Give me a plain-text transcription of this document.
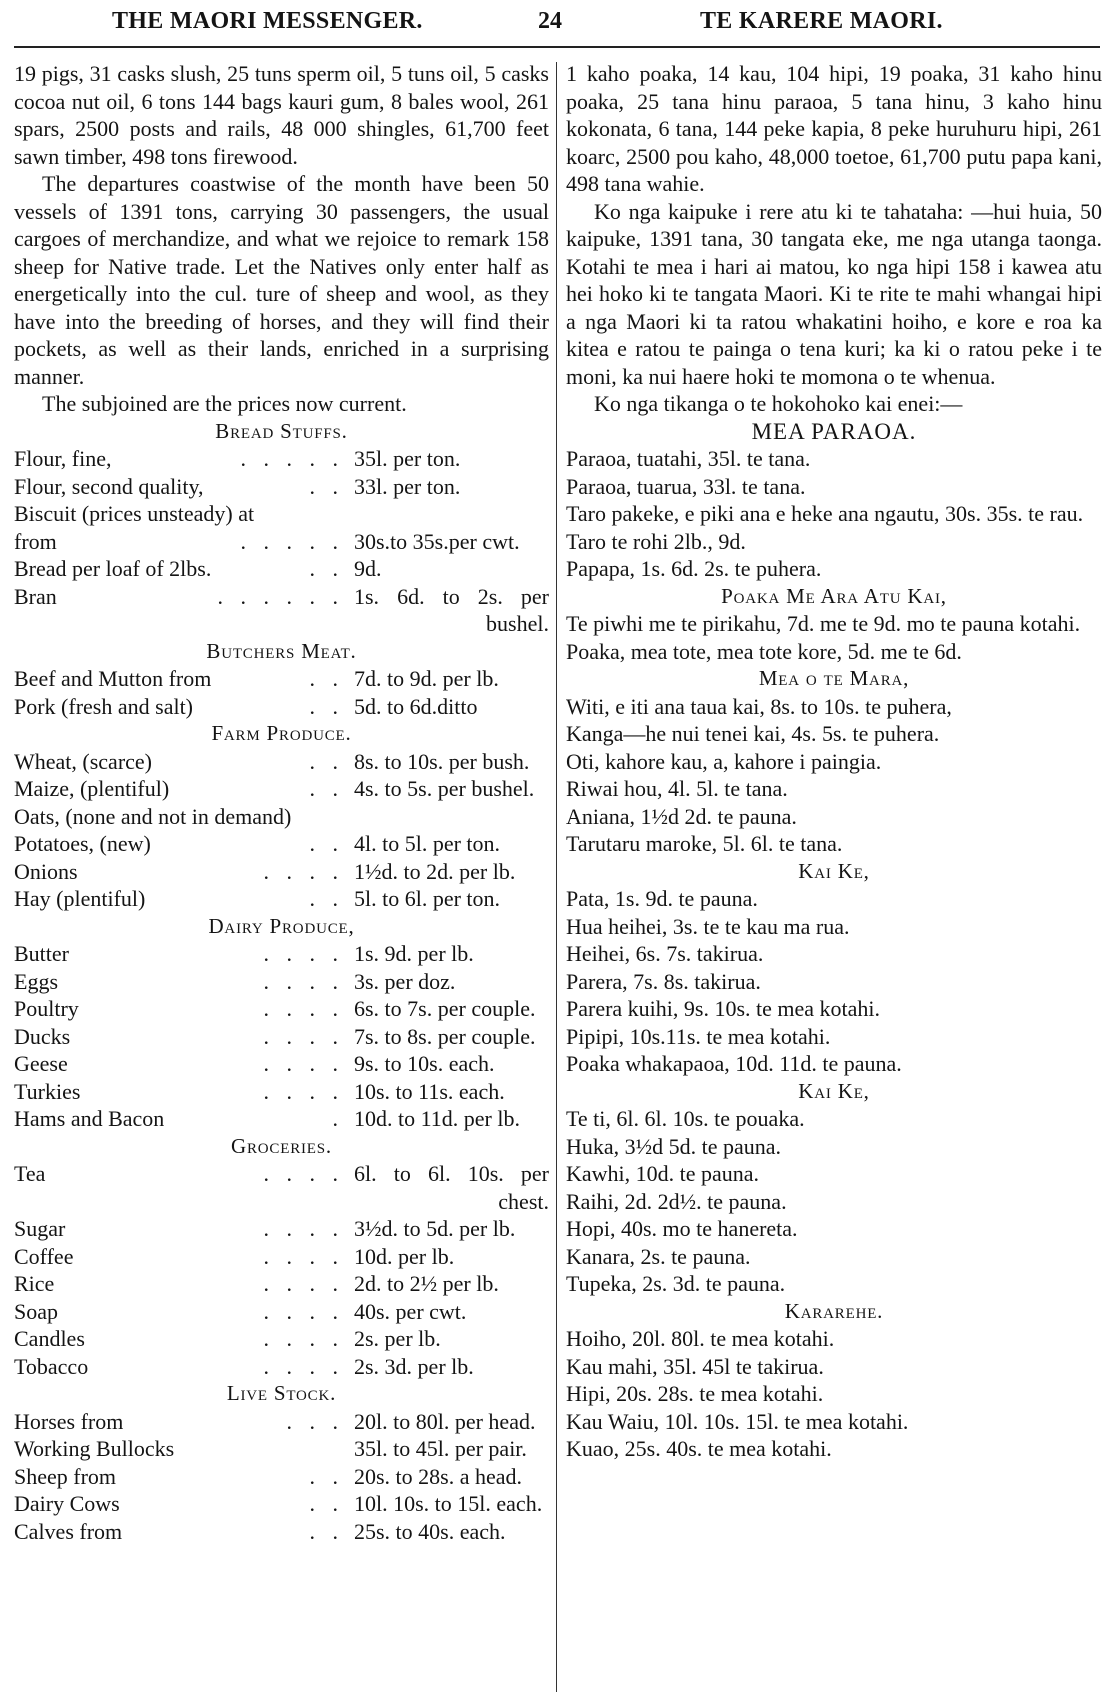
THE MAORI MESSENGER.	24	TE KARERE MAORI.

19 pigs, 31 casks slush, 25 tuns sperm oil, 5 tuns oil, 5 casks cocoa nut oil, 6 tons 144 bags kauri gum, 8 bales wool, 261 spars, 2500 posts and rails, 48 000 shingles, 61,700 feet sawn timber, 498 tons firewood.

The departures coastwise of the month have been 50 vessels of 1391 tons, carrying 30 passengers, the usual cargoes of merchandize, and what we rejoice to remark 158 sheep for Native trade. Let the Natives only enter half as energetically into the cul. ture of sheep and wool, as they have into the breeding of horses, and they will find their pockets, as well as their lands, enriched in a surprising manner.

The subjoined are the prices now current.

Bread Stuffs.

Flour, fine,	. . . . . 35l. per ton.
Flour, second quality,	. . 33l. per ton.
Biscuit (prices unsteady) at
from	. . . . . 30s.to 35s.per cwt.
Bread per loaf of 2lbs.	. . 9d.
Bran	. . . . . . 1s. 6d. to 2s. per bushel.

Butchers Meat.

Beef and Mutton from	. . 7d. to 9d. per lb.
Pork (fresh and salt)	. . 5d. to 6d.ditto

Farm Produce.

Wheat, (scarce)	. . 8s. to 10s. per bush.
Maize, (plentiful)	. . 4s. to 5s. per bushel.
Oats, (none and not in demand)
Potatoes, (new)	. . 4l. to 5l. per ton.
Onions	. . . . 1½d. to 2d. per lb.
Hay (plentiful)	. . 5l. to 6l. per ton.

Dairy Produce,

Butter	. . . . 1s. 9d. per lb.
Eggs	. . . . 3s. per doz.
Poultry	. . . . 6s. to 7s. per couple.
Ducks	. . . . 7s. to 8s. per couple.
Geese	. . . . 9s. to 10s. each.
Turkies	. . . . 10s. to 11s. each.
Hams and Bacon	. 10d. to 11d. per lb.

Groceries.

Tea	. . . . 6l. to 6l. 10s. per chest.
Sugar	. . . . 3½d. to 5d. per lb.
Coffee	. . . . 10d. per lb.
Rice	. . . . 2d. to 2½ per lb.
Soap	. . . . 40s. per cwt.
Candles	. . . . 2s. per lb.
Tobacco	. . . . 2s. 3d. per lb.

Live Stock.

Horses from	. . . 20l. to 80l. per head.
Working Bullocks	35l. to 45l. per pair.
Sheep from	. . 20s. to 28s. a head.
Dairy Cows	. . 10l. 10s. to 15l. each.
Calves from	. . 25s. to 40s. each.

1 kaho poaka, 14 kau, 104 hipi, 19 poaka, 31 kaho hinu poaka, 25 tana hinu paraoa, 5 tana hinu, 3 kaho hinu kokonata, 6 tana, 144 peke kapia, 8 peke huruhuru hipi, 261 koarc, 2500 pou kaho, 48,000 toetoe, 61,700 putu papa kani, 498 tana wahie.

Ko nga kaipuke i rere atu ki te tahataha: —hui huia, 50 kaipuke, 1391 tana, 30 tangata eke, me nga utanga taonga. Kotahi te mea i hari ai matou, ko nga hipi 158 i kawea atu hei hoko ki te tangata Maori. Ki te rite te mahi whangai hipi a nga Maori ki ta ratou whakatini hoiho, e kore e roa ka kitea e ratou te painga o tena kuri; ka ki o ratou peke i te moni, ka nui haere hoki te momona o te whenua.

Ko nga tikanga o te hokohoko kai enei:—

MEA PARAOA.

Paraoa, tuatahi, 35l. te tana.

Paraoa, tuarua, 33l. te tana.

Taro pakeke, e piki ana e heke ana ngautu, 30s. 35s. te rau.

Taro te rohi 2lb., 9d.

Papapa, 1s. 6d. 2s. te puhera.

Poaka Me Ara Atu Kai,

Te piwhi me te pirikahu, 7d. me te 9d. mo te pauna kotahi.

Poaka, mea tote, mea tote kore, 5d. me te 6d.

Mea o te Mara,

Witi, e iti ana taua kai, 8s. to 10s. te puhera,

Kanga—he nui tenei kai, 4s. 5s. te puhera.

Oti, kahore kau, a, kahore i paingia.

Riwai hou, 4l. 5l. te tana.

Aniana, 1½d 2d. te pauna.

Tarutaru maroke, 5l. 6l. te tana.

Kai Ke,

Pata, 1s. 9d. te pauna.

Hua heihei, 3s. te te kau ma rua.

Heihei, 6s. 7s. takirua.

Parera, 7s. 8s. takirua.

Parera kuihi, 9s. 10s. te mea kotahi.

Pipipi, 10s.11s. te mea kotahi.

Poaka whakapaoa, 10d. 11d. te pauna.

Kai Ke,

Te ti, 6l. 6l. 10s. te pouaka.

Huka, 3½d 5d. te pauna.

Kawhi, 10d. te pauna.

Raihi, 2d. 2d½. te pauna.

Hopi, 40s. mo te hanereta.

Kanara, 2s. te pauna.

Tupeka, 2s. 3d. te pauna.

Kararehe.

Hoiho, 20l. 80l. te mea kotahi.

Kau mahi, 35l. 45l te takirua.

Hipi, 20s. 28s. te mea kotahi.

Kau Waiu, 10l. 10s. 15l. te mea kotahi.

Kuao, 25s. 40s. te mea kotahi.
